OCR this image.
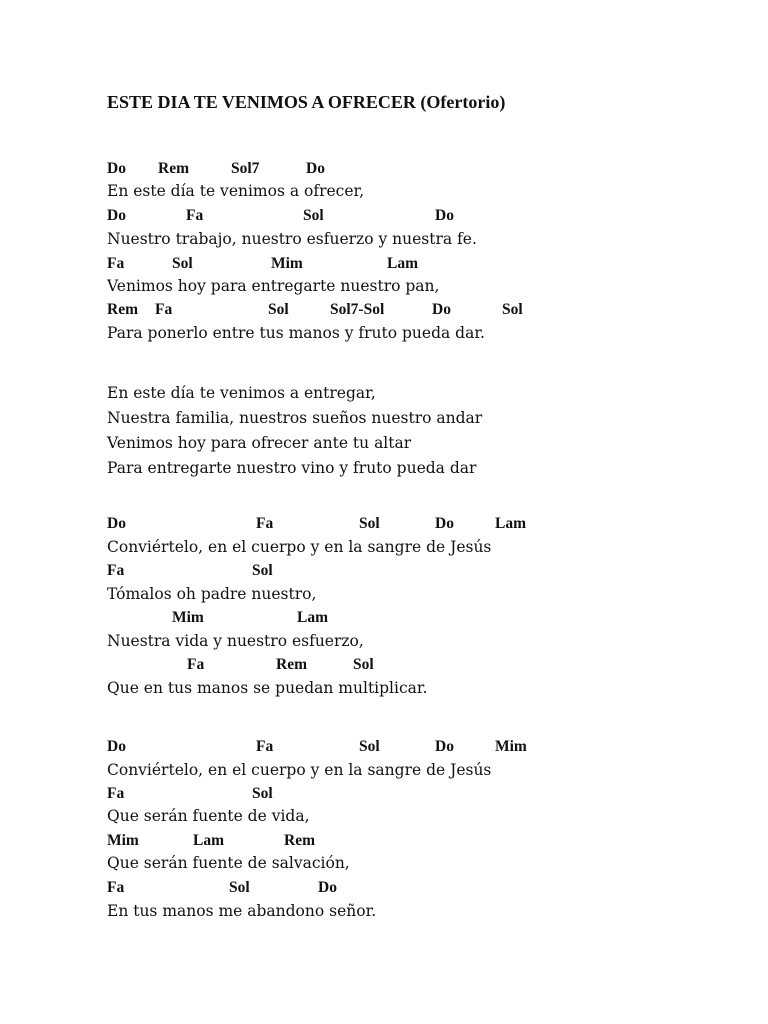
ESTE DIA TE VENIMOS A OFRECER (Ofertorio)
Do Rem	Sol7	Do
En este día te venimos a ofrecer,
Do	Fa	Sol	Do
Nuestro trabajo, nuestro esfuerzo y nuestra fe.
Fa	Sol	Mim	Lam
Venimos hoy para entregarte nuestro pan,
Rem Fa	Sol	Sol7-Sol	Do	Sol
Para ponerlo entre tus manos y fruto pueda dar.
En este día te venimos a entregar,
Nuestra familia, nuestros sueños nuestro andar
Venimos hoy para ofrecer ante tu altar
Para entregarte nuestro vino y fruto pueda dar
Do	Fa	Sol	Do	Lam
Conviértelo, en el cuerpo y en la sangre de Jesús
Fa	Sol
Tómalos oh padre nuestro,
Mim	Lam
Nuestra vida y nuestro esfuerzo,
Fa	Rem	Sol
Que en tus manos se puedan multiplicar.
Do	Fa	Sol	Do	Mim
Conviértelo, en el cuerpo y en la sangre de Jesús
Fa	Sol
Que serán fuente de vida,
Mim	Lam	Rem
Que serán fuente de salvación,
Fa	Sol	Do
En tus manos me abandono señor.
